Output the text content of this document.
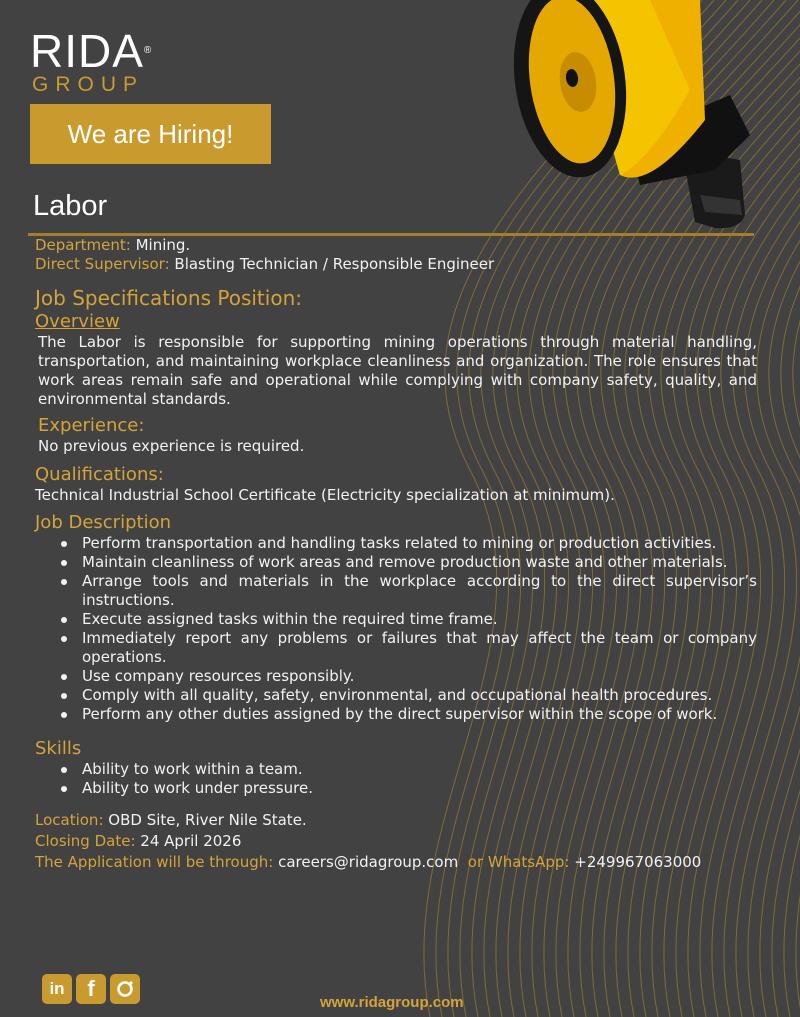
RIDA®
GROUP
We are Hiring!
Labor

Department: Mining.

Direct Supervisor: Blasting Technician / Responsible Engineer

Job Specifications Position:

Overview

The Labor is responsible for supporting mining operations through material handling, transportation, and maintaining workplace cleanliness and organization. The role ensures that work areas remain safe and operational while complying with company safety, quality, and environmental standards.

Experience:

No previous experience is required.

Qualifications:

Technical Industrial School Certificate (Electricity specialization at minimum).

Job Description

Perform transportation and handling tasks related to mining or production activities.
Maintain cleanliness of work areas and remove production waste and other materials.
Arrange tools and materials in the workplace according to the direct supervisor’s instructions.
Execute assigned tasks within the required time frame.
Immediately report any problems or failures that may affect the team or company operations.
Use company resources responsibly.
Comply with all quality, safety, environmental, and occupational health procedures.
Perform any other duties assigned by the direct supervisor within the scope of work.

Skills

Ability to work within a team.
Ability to work under pressure.

Location: OBD Site, River Nile State.

Closing Date: 24 April 2026

The Application will be through: careers@ridagroup.com or WhatsApp: +249967063000

in	f
www.ridagroup.com
